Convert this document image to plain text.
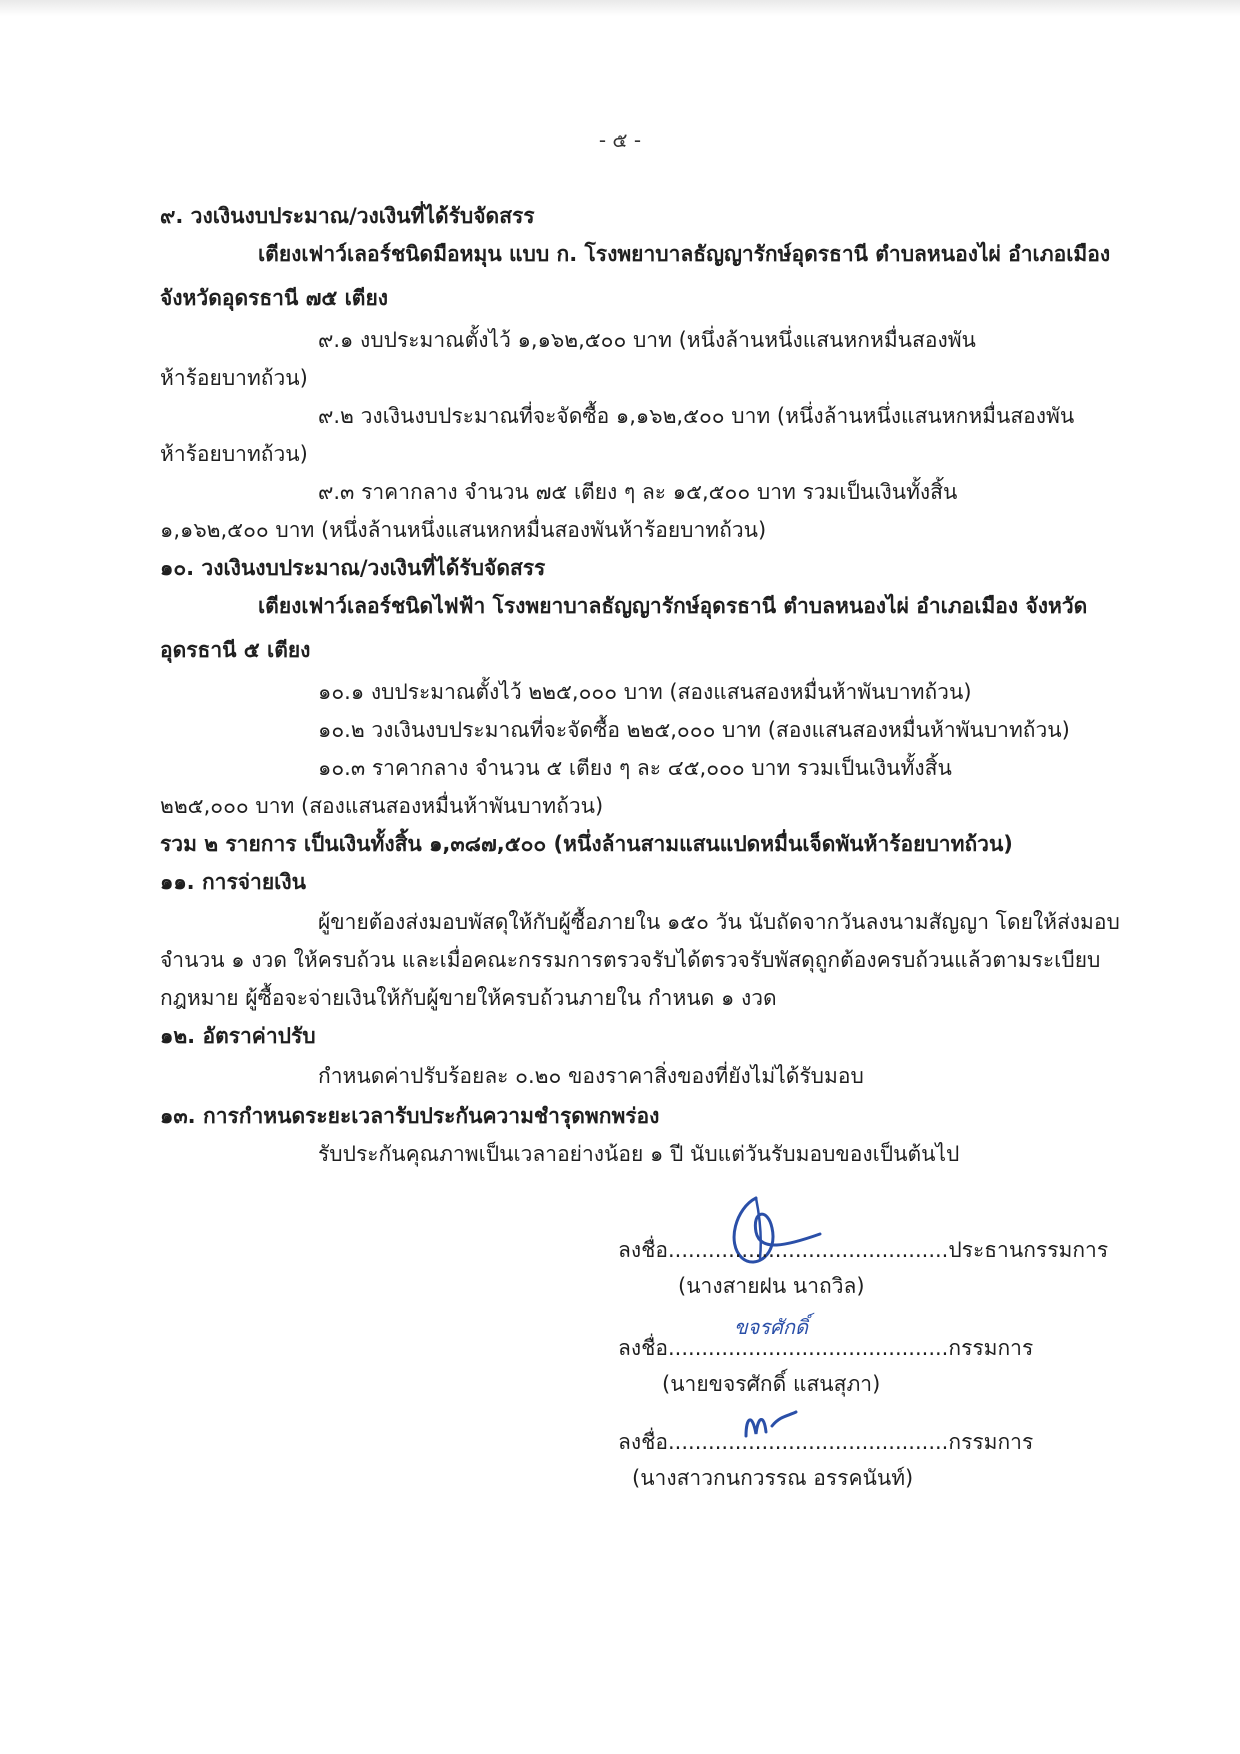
- ๕ -
๙. วงเงินงบประมาณ/วงเงินที่ได้รับจัดสรร
เตียงเฟาว์เลอร์ชนิดมือหมุน แบบ ก. โรงพยาบาลธัญญารักษ์อุดรธานี ตำบลหนองไผ่ อำเภอเมือง
จังหวัดอุดรธานี ๗๕ เตียง
๙.๑ งบประมาณตั้งไว้ ๑,๑๖๒,๕๐๐ บาท (หนึ่งล้านหนึ่งแสนหกหมื่นสองพัน
ห้าร้อยบาทถ้วน)
๙.๒ วงเงินงบประมาณที่จะจัดซื้อ ๑,๑๖๒,๕๐๐ บาท (หนึ่งล้านหนึ่งแสนหกหมื่นสองพัน
ห้าร้อยบาทถ้วน)
๙.๓ ราคากลาง จำนวน ๗๕ เตียง ๆ ละ ๑๕,๕๐๐ บาท รวมเป็นเงินทั้งสิ้น
๑,๑๖๒,๕๐๐ บาท (หนึ่งล้านหนึ่งแสนหกหมื่นสองพันห้าร้อยบาทถ้วน)
๑๐. วงเงินงบประมาณ/วงเงินที่ได้รับจัดสรร
เตียงเฟาว์เลอร์ชนิดไฟฟ้า โรงพยาบาลธัญญารักษ์อุดรธานี ตำบลหนองไผ่ อำเภอเมือง จังหวัด
อุดรธานี ๕ เตียง
๑๐.๑ งบประมาณตั้งไว้ ๒๒๕,๐๐๐ บาท (สองแสนสองหมื่นห้าพันบาทถ้วน)
๑๐.๒ วงเงินงบประมาณที่จะจัดซื้อ ๒๒๕,๐๐๐ บาท (สองแสนสองหมื่นห้าพันบาทถ้วน)
๑๐.๓ ราคากลาง จำนวน ๕ เตียง ๆ ละ ๔๕,๐๐๐ บาท รวมเป็นเงินทั้งสิ้น
๒๒๕,๐๐๐ บาท (สองแสนสองหมื่นห้าพันบาทถ้วน)
รวม ๒ รายการ เป็นเงินทั้งสิ้น ๑,๓๘๗,๕๐๐ (หนึ่งล้านสามแสนแปดหมื่นเจ็ดพันห้าร้อยบาทถ้วน)
๑๑. การจ่ายเงิน
ผู้ขายต้องส่งมอบพัสดุให้กับผู้ซื้อภายใน ๑๕๐ วัน นับถัดจากวันลงนามสัญญา โดยให้ส่งมอบ
จำนวน ๑ งวด ให้ครบถ้วน และเมื่อคณะกรรมการตรวจรับได้ตรวจรับพัสดุถูกต้องครบถ้วนแล้วตามระเบียบ
กฎหมาย ผู้ซื้อจะจ่ายเงินให้กับผู้ขายให้ครบถ้วนภายใน กำหนด ๑ งวด
๑๒. อัตราค่าปรับ
กำหนดค่าปรับร้อยละ ๐.๒๐ ของราคาสิ่งของที่ยังไม่ได้รับมอบ
๑๓. การกำหนดระยะเวลารับประกันความชำรุดพกพร่อง
รับประกันคุณภาพเป็นเวลาอย่างน้อย ๑ ปี นับแต่วันรับมอบของเป็นต้นไป
ลงชื่อ..........................................ประธานกรรมการ
(นางสายฝน นาถวิล)
ขจรศักดิ์
ลงชื่อ..........................................กรรมการ
(นายขจรศักดิ์ แสนสุภา)
ลงชื่อ..........................................กรรมการ
(นางสาวกนกวรรณ อรรคนันท์)
